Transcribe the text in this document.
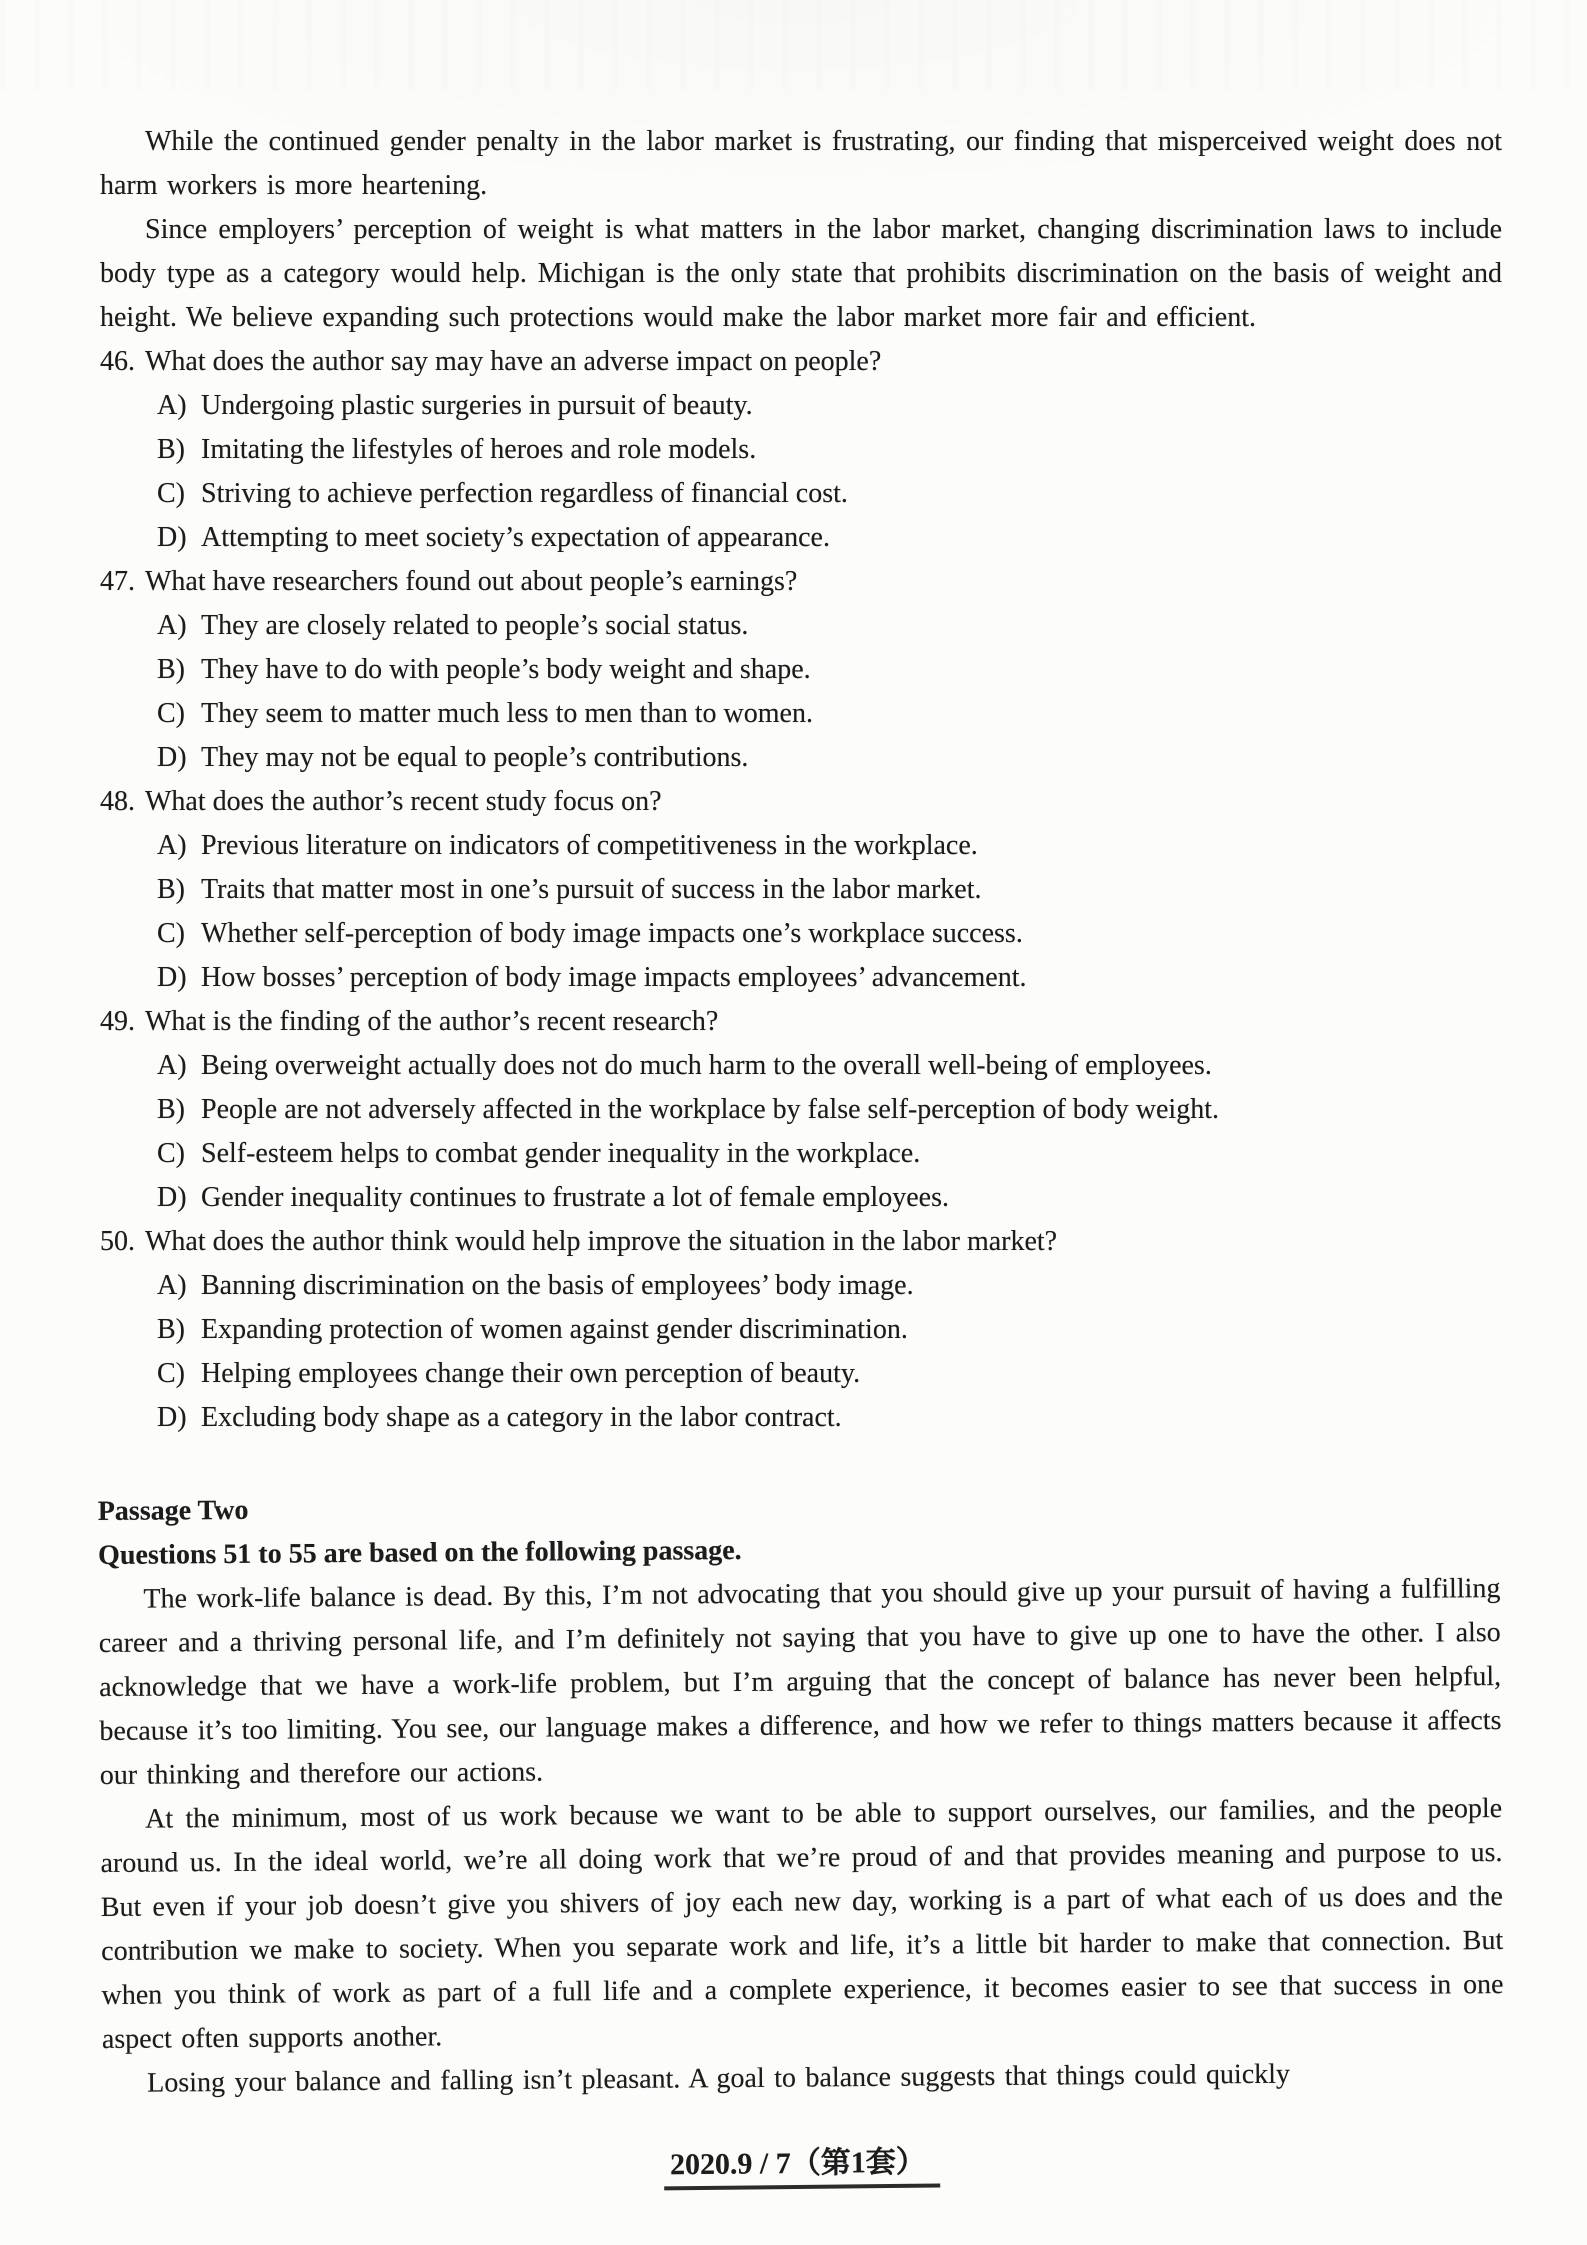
While the continued gender penalty in the labor market is frustrating, our finding that misperceived weight does not harm workers is more heartening.

Since employers’ perception of weight is what matters in the labor market, changing discrimination laws to include body type as a category would help. Michigan is the only state that prohibits discrimination on the basis of weight and height. We believe expanding such protections would make the labor market more fair and efficient.

46. What does the author say may have an adverse impact on people?
A) Undergoing plastic surgeries in pursuit of beauty.
B) Imitating the lifestyles of heroes and role models.
C) Striving to achieve perfection regardless of financial cost.
D) Attempting to meet society’s expectation of appearance.
47. What have researchers found out about people’s earnings?
A) They are closely related to people’s social status.
B) They have to do with people’s body weight and shape.
C) They seem to matter much less to men than to women.
D) They may not be equal to people’s contributions.
48. What does the author’s recent study focus on?
A) Previous literature on indicators of competitiveness in the workplace.
B) Traits that matter most in one’s pursuit of success in the labor market.
C) Whether self-perception of body image impacts one’s workplace success.
D) How bosses’ perception of body image impacts employees’ advancement.
49. What is the finding of the author’s recent research?
A) Being overweight actually does not do much harm to the overall well-being of employees.
B) People are not adversely affected in the workplace by false self-perception of body weight.
C) Self-esteem helps to combat gender inequality in the workplace.
D) Gender inequality continues to frustrate a lot of female employees.
50. What does the author think would help improve the situation in the labor market?
A) Banning discrimination on the basis of employees’ body image.
B) Expanding protection of women against gender discrimination.
C) Helping employees change their own perception of beauty.
D) Excluding body shape as a category in the labor contract.

Passage Two

Questions 51 to 55 are based on the following passage.

The work-life balance is dead. By this, I’m not advocating that you should give up your pursuit of having a fulfilling career and a thriving personal life, and I’m definitely not saying that you have to give up one to have the other. I also acknowledge that we have a work-life problem, but I’m arguing that the concept of balance has never been helpful, because it’s too limiting. You see, our language makes a difference, and how we refer to things matters because it affects our thinking and therefore our actions.

At the minimum, most of us work because we want to be able to support ourselves, our families, and the people around us. In the ideal world, we’re all doing work that we’re proud of and that provides meaning and purpose to us. But even if your job doesn’t give you shivers of joy each new day, working is a part of what each of us does and the contribution we make to society. When you separate work and life, it’s a little bit harder to make that connection. But when you think of work as part of a full life and a complete experience, it becomes easier to see that success in one aspect often supports another.

Losing your balance and falling isn’t pleasant. A goal to balance suggests that things could quickly

2020.9 / 7（第1套）
